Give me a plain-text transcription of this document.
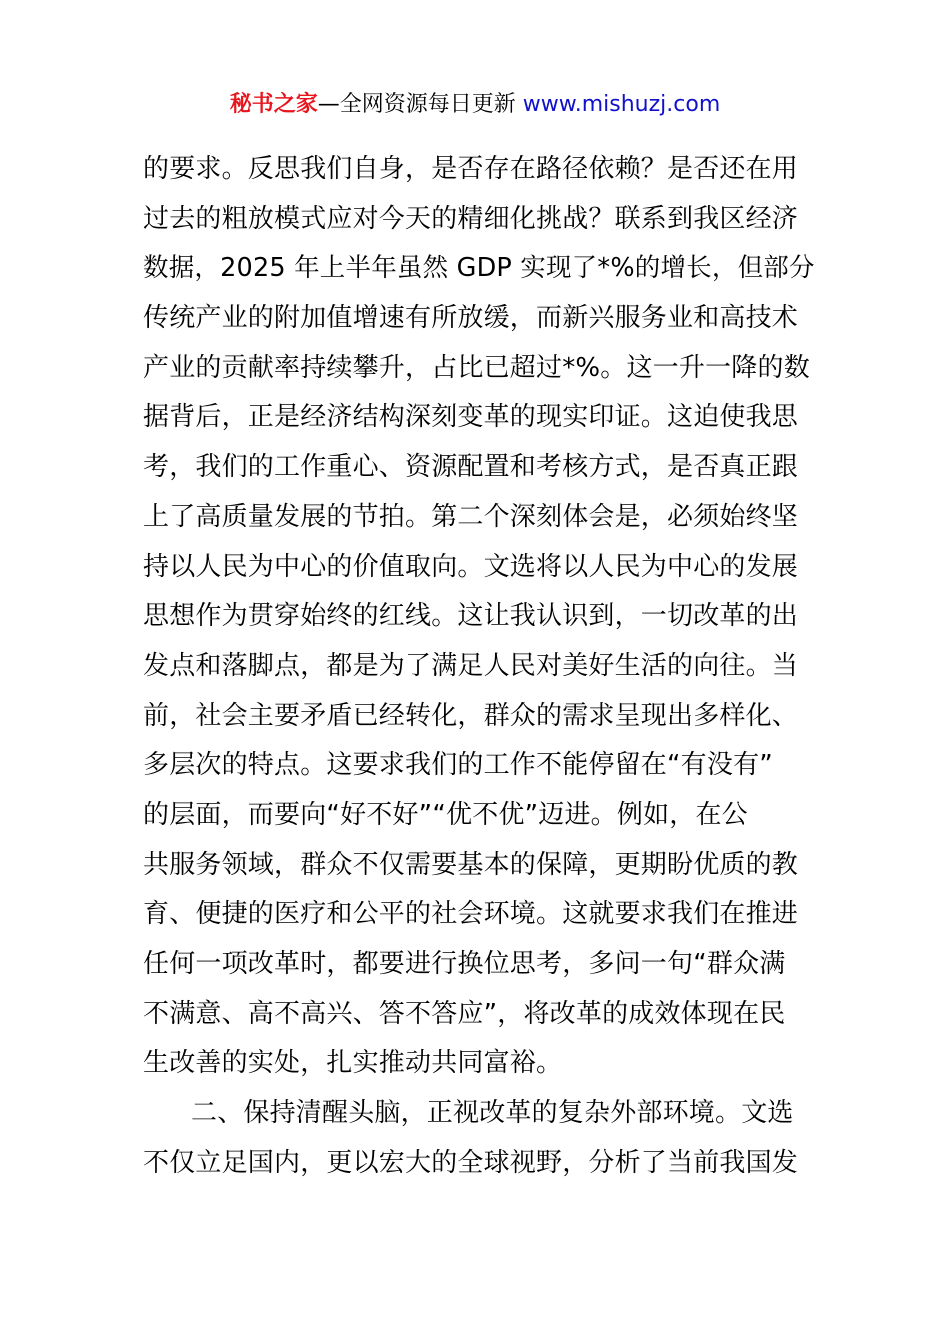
秘书之家—全网资源每日更新 www.mishuzj.com
的要求。反思我们自身，是否存在路径依赖？是否还在用
过去的粗放模式应对今天的精细化挑战？联系到我区经济
数据，2025 年上半年虽然 GDP 实现了*%的增长，但部分
传统产业的附加值增速有所放缓，而新兴服务业和高技术
产业的贡献率持续攀升，占比已超过*%。这一升一降的数
据背后，正是经济结构深刻变革的现实印证。这迫使我思
考，我们的工作重心、资源配置和考核方式，是否真正跟
上了高质量发展的节拍。第二个深刻体会是，必须始终坚
持以人民为中心的价值取向。文选将以人民为中心的发展
思想作为贯穿始终的红线。这让我认识到，一切改革的出
发点和落脚点，都是为了满足人民对美好生活的向往。当
前，社会主要矛盾已经转化，群众的需求呈现出多样化、
多层次的特点。这要求我们的工作不能停留在“有没有”
的层面，而要向“好不好”“优不优”迈进。例如，在公
共服务领域，群众不仅需要基本的保障，更期盼优质的教
育、便捷的医疗和公平的社会环境。这就要求我们在推进
任何一项改革时，都要进行换位思考，多问一句“群众满
不满意、高不高兴、答不答应”，将改革的成效体现在民
生改善的实处，扎实推动共同富裕。
二、保持清醒头脑，正视改革的复杂外部环境。文选
不仅立足国内，更以宏大的全球视野，分析了当前我国发
